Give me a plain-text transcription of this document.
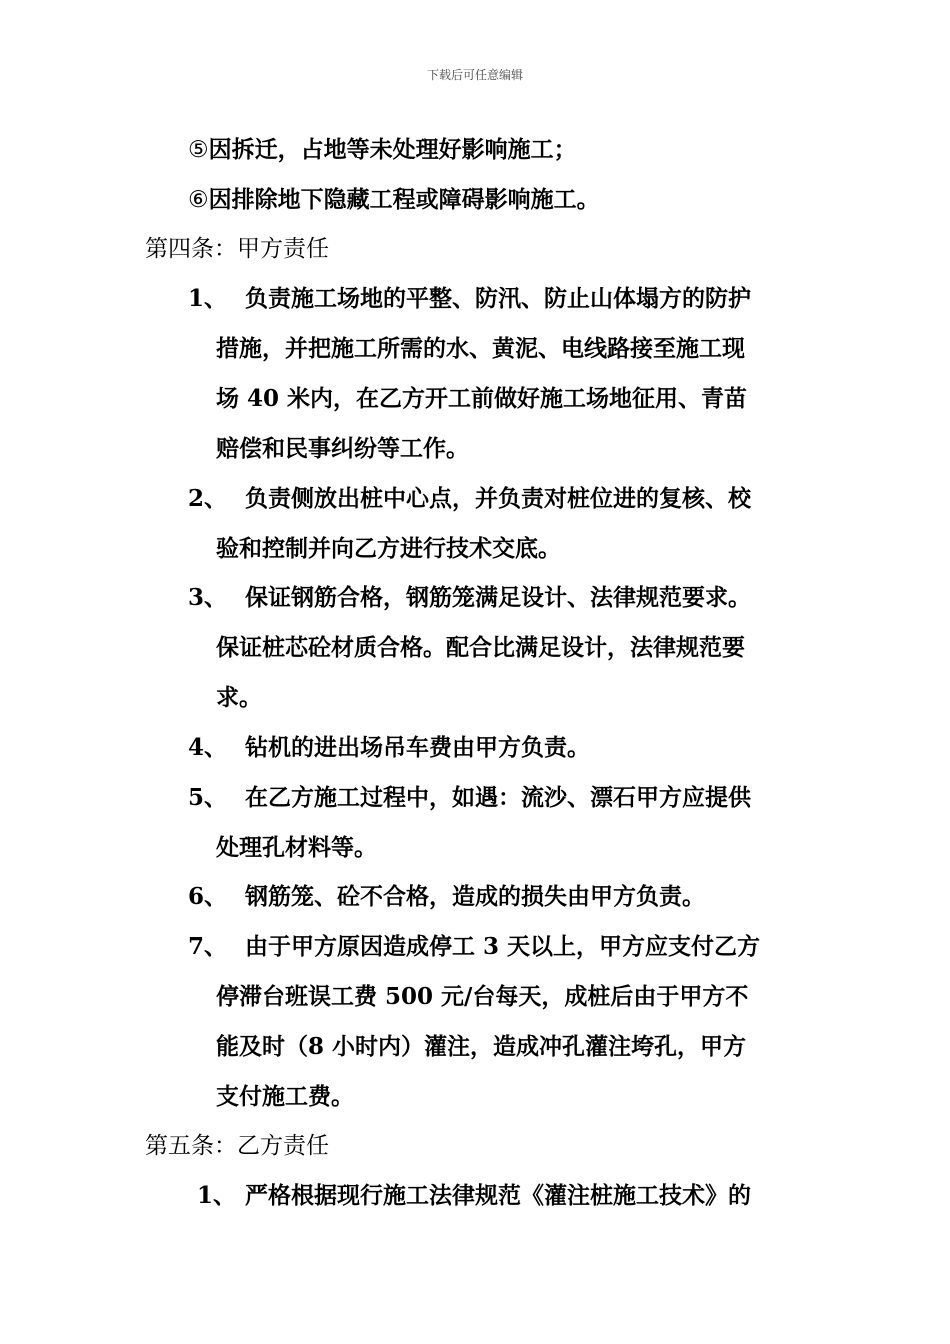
下载后可任意编辑
⑤因拆迁，占地等未处理好影响施工；
⑥因排除地下隐藏工程或障碍影响施工。
第四条：甲方责任
1、 负责施工场地的平整、防汛、防止山体塌方的防护
措施，并把施工所需的水、黄泥、电线路接至施工现
场 40 米内，在乙方开工前做好施工场地征用、青苗
赔偿和民事纠纷等工作。
2、 负责侧放出桩中心点，并负责对桩位进的复核、校
验和控制并向乙方进行技术交底。
3、 保证钢筋合格，钢筋笼满足设计、法律规范要求。
保证桩芯砼材质合格。配合比满足设计，法律规范要
求。
4、 钻机的进出场吊车费由甲方负责。
5、 在乙方施工过程中，如遇：流沙、漂石甲方应提供
处理孔材料等。
6、 钢筋笼、砼不合格，造成的损失由甲方负责。
7、 由于甲方原因造成停工 3 天以上，甲方应支付乙方
停滞台班误工费 500 元/台每天，成桩后由于甲方不
能及时（8 小时内）灌注，造成冲孔灌注垮孔，甲方
支付施工费。
第五条：乙方责任
1、 严格根据现行施工法律规范《灌注桩施工技术》的
